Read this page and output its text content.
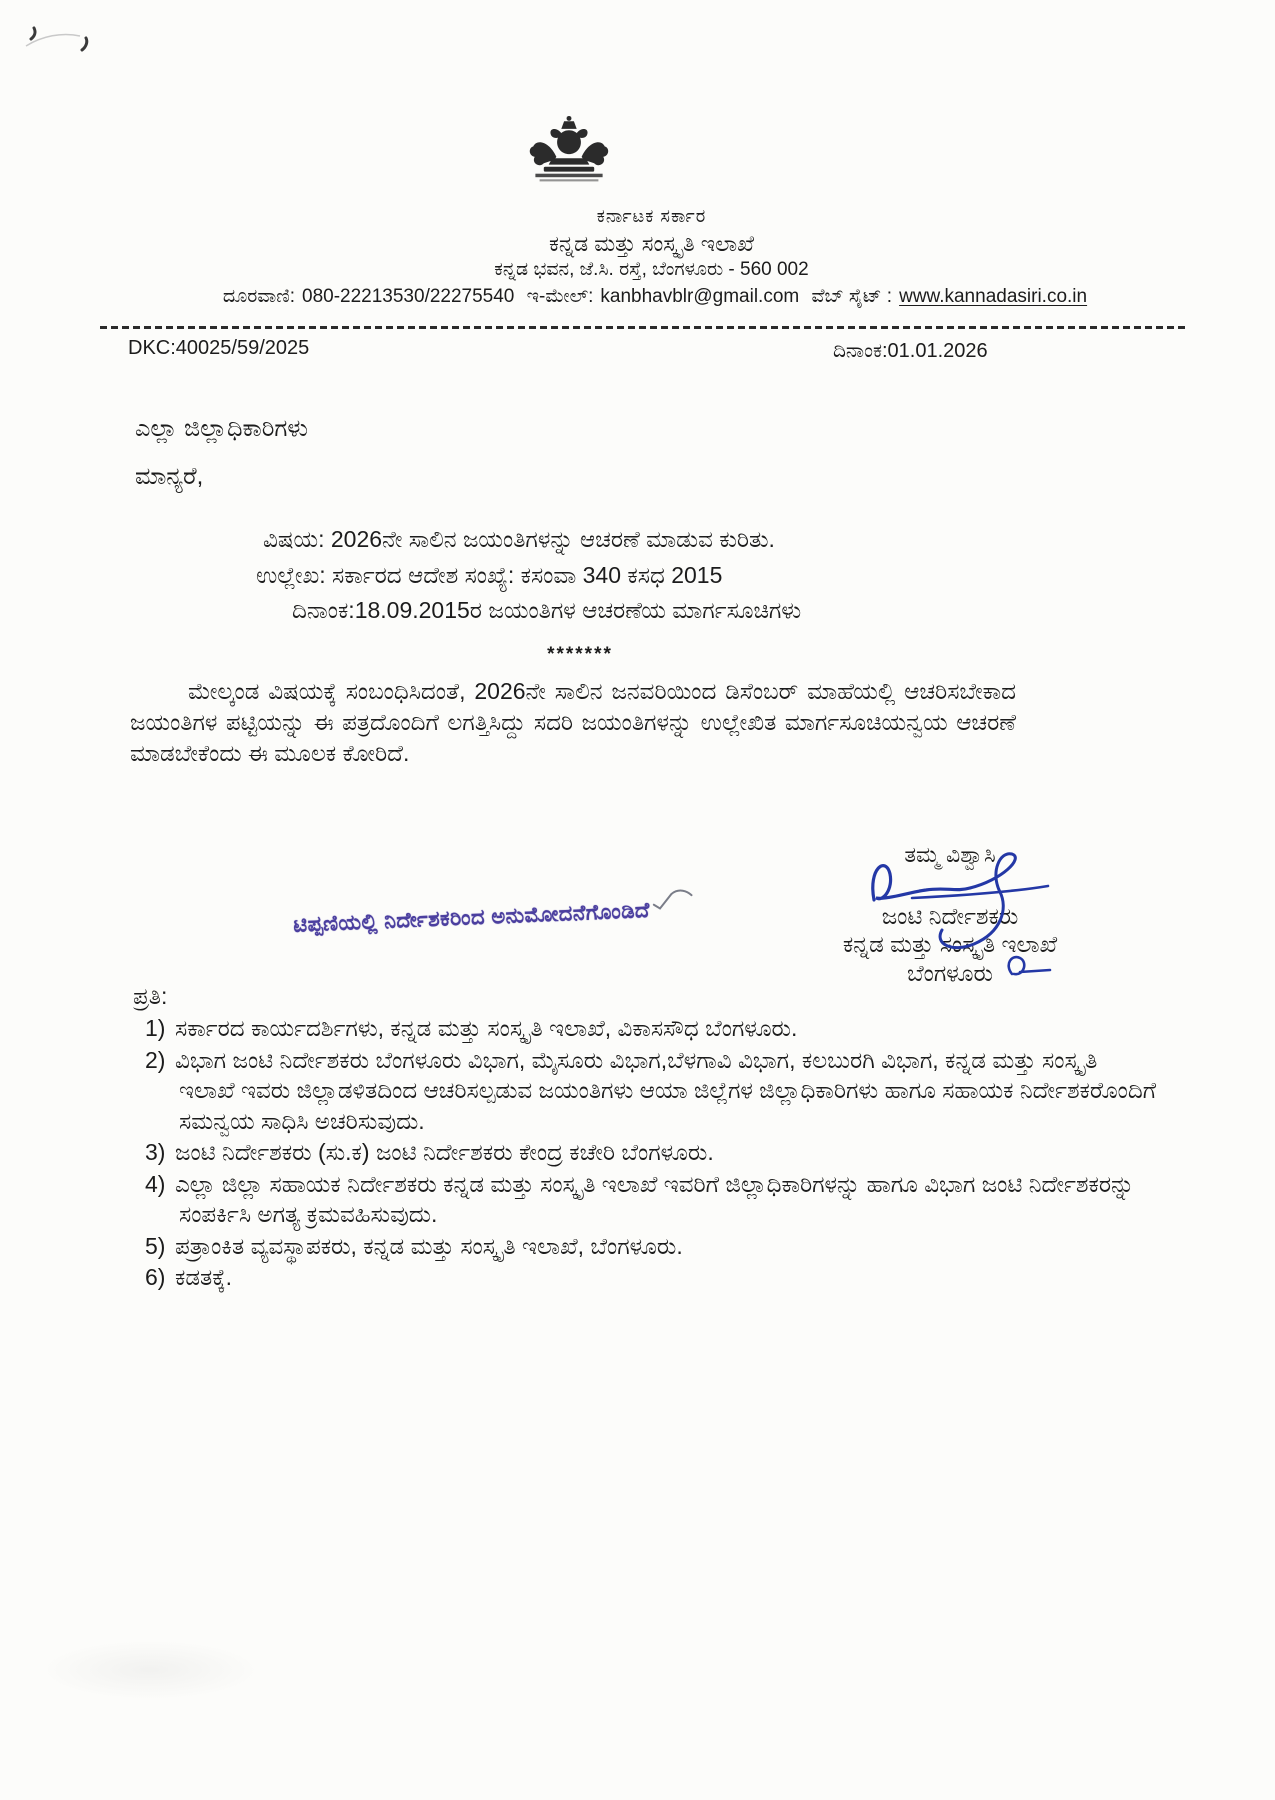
ಕರ್ನಾಟಕ ಸರ್ಕಾರ
ಕನ್ನಡ ಮತ್ತು ಸಂಸ್ಕೃತಿ ಇಲಾಖೆ
ಕನ್ನಡ ಭವನ, ಜೆ.ಸಿ. ರಸ್ತೆ, ಬೆಂಗಳೂರು - 560 002
ದೂರವಾಣಿ: 080-22213530/22275540 ಇ-ಮೇಲ್: kanbhavblr@gmail.com ವೆಬ್ ಸೈಟ್ : www.kannadasiri.co.in
DKC:40025/59/2025	ದಿನಾಂಕ:01.01.2026
ಎಲ್ಲಾ ಜಿಲ್ಲಾಧಿಕಾರಿಗಳು
ಮಾನ್ಯರೆ,
ವಿಷಯ: 2026ನೇ ಸಾಲಿನ ಜಯಂತಿಗಳನ್ನು ಆಚರಣೆ ಮಾಡುವ ಕುರಿತು.
ಉಲ್ಲೇಖ: ಸರ್ಕಾರದ ಆದೇಶ ಸಂಖ್ಯೆ: ಕಸಂವಾ 340 ಕಸಧ 2015
ದಿನಾಂಕ:18.09.2015ರ ಜಯಂತಿಗಳ ಆಚರಣೆಯ ಮಾರ್ಗಸೂಚಿಗಳು
*******
ಮೇಲ್ಕಂಡ ವಿಷಯಕ್ಕೆ ಸಂಬಂಧಿಸಿದಂತೆ, 2026ನೇ ಸಾಲಿನ ಜನವರಿಯಿಂದ ಡಿಸೆಂಬರ್ ಮಾಹೆಯಲ್ಲಿ ಆಚರಿಸಬೇಕಾದ ಜಯಂತಿಗಳ ಪಟ್ಟಿಯನ್ನು ಈ ಪತ್ರದೊಂದಿಗೆ ಲಗತ್ತಿಸಿದ್ದು ಸದರಿ ಜಯಂತಿಗಳನ್ನು ಉಲ್ಲೇಖಿತ ಮಾರ್ಗಸೂಚಿಯನ್ವಯ ಆಚರಣೆ ಮಾಡಬೇಕೆಂದು ಈ ಮೂಲಕ ಕೋರಿದೆ.
ತಮ್ಮ ವಿಶ್ವಾಸಿ
ಜಂಟಿ ನಿರ್ದೇಶಕರು
ಕನ್ನಡ ಮತ್ತು ಸಂಸ್ಕೃತಿ ಇಲಾಖೆ
ಬೆಂಗಳೂರು
ಟಿಪ್ಪಣಿಯಲ್ಲಿ ನಿರ್ದೇಶಕರಿಂದ ಅನುಮೋದನೆಗೊಂಡಿದೆ
ಪ್ರತಿ:
1) ಸರ್ಕಾರದ ಕಾರ್ಯದರ್ಶಿಗಳು, ಕನ್ನಡ ಮತ್ತು ಸಂಸ್ಕೃತಿ ಇಲಾಖೆ, ವಿಕಾಸಸೌಧ ಬೆಂಗಳೂರು.
2) ವಿಭಾಗ ಜಂಟಿ ನಿರ್ದೇಶಕರು ಬೆಂಗಳೂರು ವಿಭಾಗ, ಮೈಸೂರು ವಿಭಾಗ,ಬೆಳಗಾವಿ ವಿಭಾಗ, ಕಲಬುರಗಿ ವಿಭಾಗ, ಕನ್ನಡ ಮತ್ತು ಸಂಸ್ಕೃತಿ ಇಲಾಖೆ ಇವರು ಜಿಲ್ಲಾಡಳಿತದಿಂದ ಆಚರಿಸಲ್ಪಡುವ ಜಯಂತಿಗಳು ಆಯಾ ಜಿಲ್ಲೆಗಳ ಜಿಲ್ಲಾಧಿಕಾರಿಗಳು ಹಾಗೂ ಸಹಾಯಕ ನಿರ್ದೇಶಕರೊಂದಿಗೆ ಸಮನ್ವಯ ಸಾಧಿಸಿ ಅಚರಿಸುವುದು.
3) ಜಂಟಿ ನಿರ್ದೇಶಕರು (ಸು.ಕ) ಜಂಟಿ ನಿರ್ದೇಶಕರು ಕೇಂದ್ರ ಕಚೇರಿ ಬೆಂಗಳೂರು.
4) ಎಲ್ಲಾ ಜಿಲ್ಲಾ ಸಹಾಯಕ ನಿರ್ದೇಶಕರು ಕನ್ನಡ ಮತ್ತು ಸಂಸ್ಕೃತಿ ಇಲಾಖೆ ಇವರಿಗೆ ಜಿಲ್ಲಾಧಿಕಾರಿಗಳನ್ನು ಹಾಗೂ ವಿಭಾಗ ಜಂಟಿ ನಿರ್ದೇಶಕರನ್ನು ಸಂಪರ್ಕಿಸಿ ಅಗತ್ಯ ಕ್ರಮವಹಿಸುವುದು.
5) ಪತ್ರಾಂಕಿತ ವ್ಯವಸ್ಥಾಪಕರು, ಕನ್ನಡ ಮತ್ತು ಸಂಸ್ಕೃತಿ ಇಲಾಖೆ, ಬೆಂಗಳೂರು.
6) ಕಡತಕ್ಕೆ.
